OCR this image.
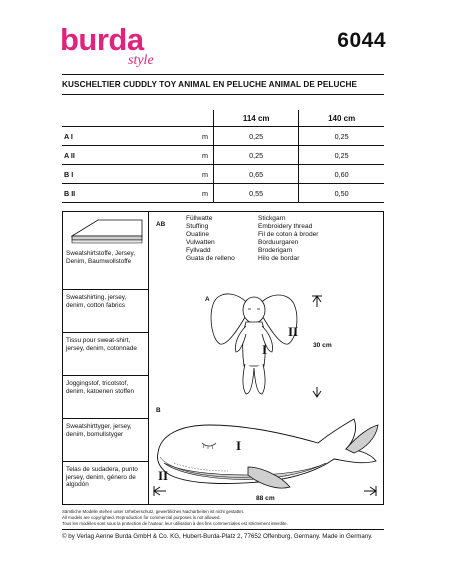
burda
style
6044
KUSCHELTIER CUDDLY TOY ANIMAL EN PELUCHE ANIMAL DE PELUCHE
		114 cm	140 cm
A I	m	0,25	0,25
A II	m	0,25	0,25
B I	m	0,65	0,60
B II	m	0,55	0,50
Sweatshirtstoffe, Jersey, Denim, Baumwollstoffe
Sweatshirting, jersey, denim, cotton fabrics
Tissu pour sweat-shirt, jersey, denim, cotonnade
Joggingstof, tricotstof, denim, katoenen stoffen
Sweatshirttyger, jersey, denim, bomullstyger
Telas de sudadera, punto jersey, denim, género de algodón
AB
Füllwatte
Stuffing
Ouatine
Vulwatten
Fyllvadd
Guata de relleno
Stickgarn
Embroidery thread
Fil de coton à broder
Borduurgaren
Broderigarn
Hilo de bordar
A
I
II
30 cm
B
I
II
88 cm
Sämtliche Modelle stehen unter Urheberschutz, gewerbliches Nacharbeiten ist nicht gestattet.
All models are copyrighted. Reproduction for commercial purposes is not allowed.
Tous les modèles sont sous la protection de l'auteur, leur utilisation à des fins commerciales est strictement interdite.
© by Verlag Aenne Burda GmbH & Co. KG, Hubert-Burda-Platz 2, 77652 Offenburg, Germany. Made in Germany.
